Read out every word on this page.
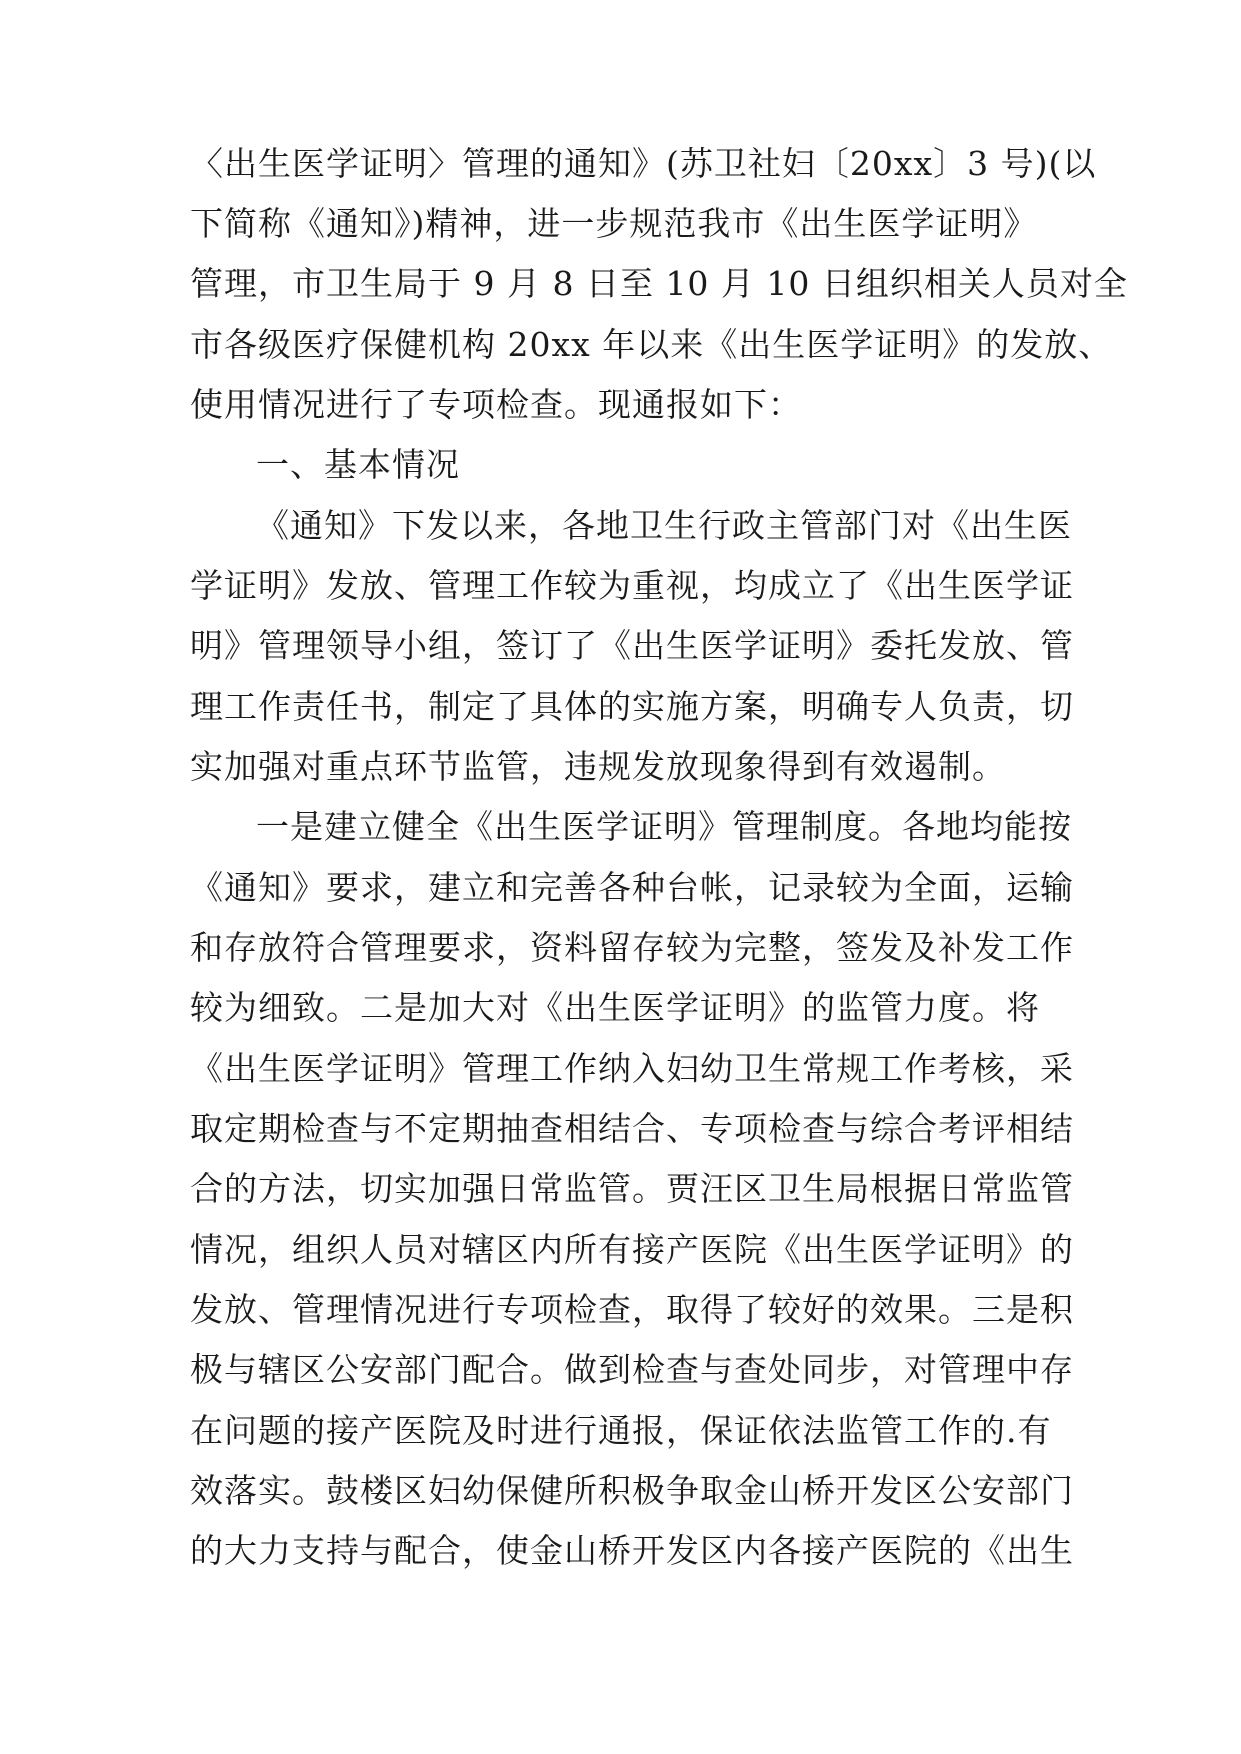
〈出生医学证明〉管理的通知》(苏卫社妇〔20xx〕3 号)(以
下简称《通知》)精神，进一步规范我市《出生医学证明》
管理，市卫生局于 9 月 8 日至 10 月 10 日组织相关人员对全
市各级医疗保健机构 20xx 年以来《出生医学证明》的发放、
使用情况进行了专项检查。现通报如下：
一、基本情况
《通知》下发以来，各地卫生行政主管部门对《出生医
学证明》发放、管理工作较为重视，均成立了《出生医学证
明》管理领导小组，签订了《出生医学证明》委托发放、管
理工作责任书，制定了具体的实施方案，明确专人负责，切
实加强对重点环节监管，违规发放现象得到有效遏制。
一是建立健全《出生医学证明》管理制度。各地均能按
《通知》要求，建立和完善各种台帐，记录较为全面，运输
和存放符合管理要求，资料留存较为完整，签发及补发工作
较为细致。二是加大对《出生医学证明》的监管力度。将
《出生医学证明》管理工作纳入妇幼卫生常规工作考核，采
取定期检查与不定期抽查相结合、专项检查与综合考评相结
合的方法，切实加强日常监管。贾汪区卫生局根据日常监管
情况，组织人员对辖区内所有接产医院《出生医学证明》的
发放、管理情况进行专项检查，取得了较好的效果。三是积
极与辖区公安部门配合。做到检查与查处同步，对管理中存
在问题的接产医院及时进行通报，保证依法监管工作的.有
效落实。鼓楼区妇幼保健所积极争取金山桥开发区公安部门
的大力支持与配合，使金山桥开发区内各接产医院的《出生
